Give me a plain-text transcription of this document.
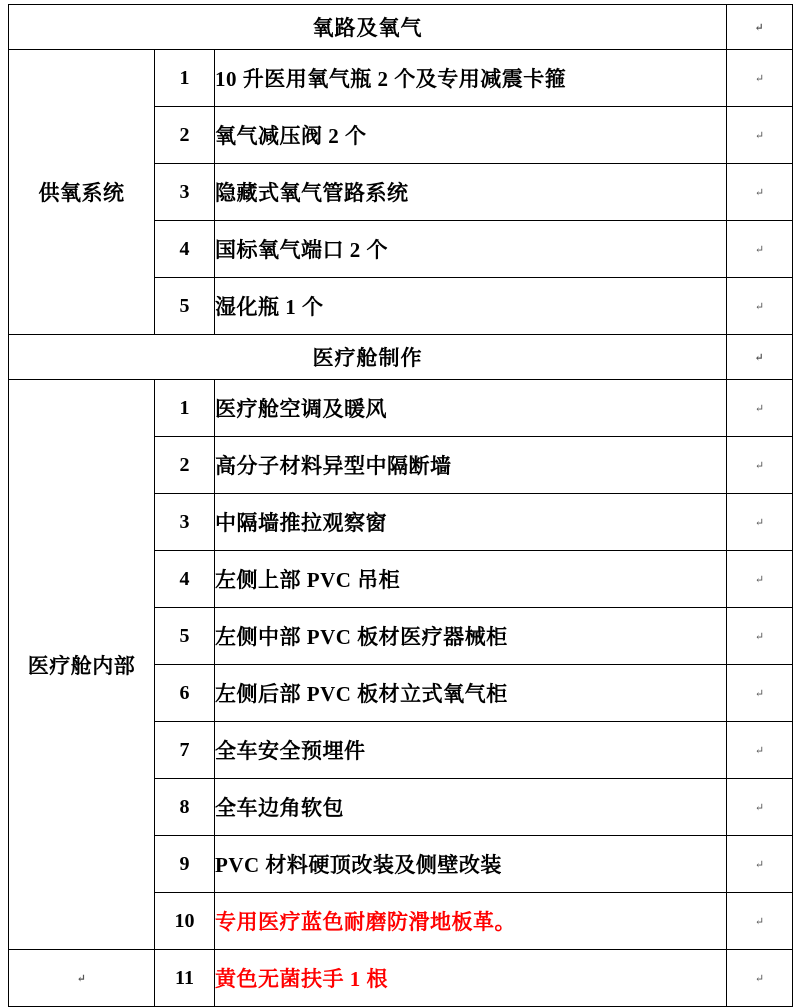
氧路及氧气			↵
供氧系统	1	10 升医用氧气瓶 2 个及专用减震卡箍	↵
	2	氧气减压阀 2 个	↵
	3	隐藏式氧气管路系统	↵
	4	国标氧气端口 2 个	↵
	5	湿化瓶 1 个	↵
医疗舱制作			↵
医疗舱内部	1	医疗舱空调及暖风	↵
	2	高分子材料异型中隔断墙	↵
	3	中隔墙推拉观察窗	↵
	4	左侧上部 PVC 吊柜	↵
	5	左侧中部 PVC 板材医疗器械柜	↵
	6	左侧后部 PVC 板材立式氧气柜	↵
	7	全车安全预埋件	↵
	8	全车边角软包	↵
	9	PVC 材料硬顶改装及侧壁改装	↵
	10	专用医疗蓝色耐磨防滑地板革。	↵
↵	11	黄色无菌扶手 1 根	↵
